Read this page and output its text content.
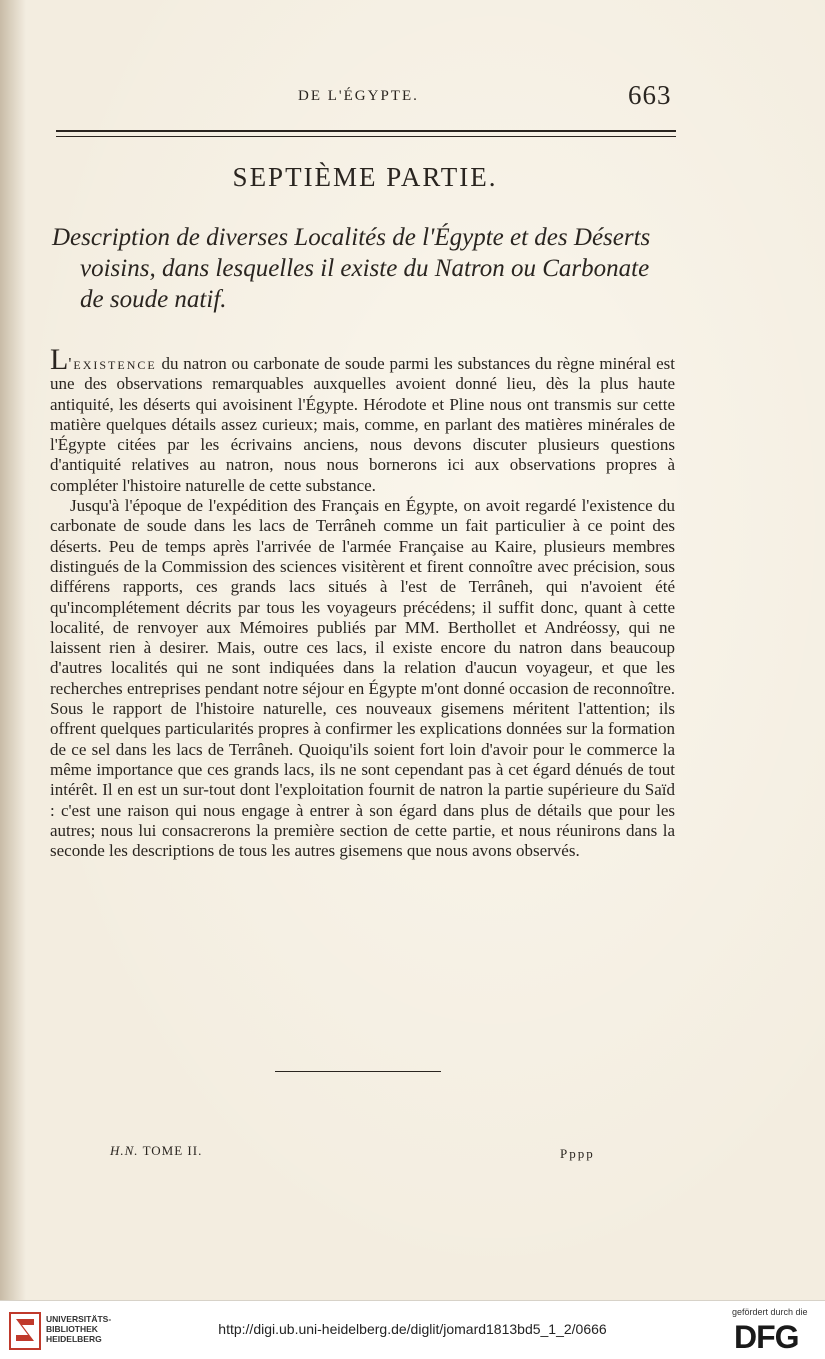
DE L'ÉGYPTE.	663
SEPTIÈME PARTIE.
Description de diverses Localités de l'Égypte et des Déserts
voisins, dans lesquelles il existe du Natron ou Carbonate
de soude natif.

L'existence du natron ou carbonate de soude parmi les substances du règne minéral est une des observations remarquables auxquelles avoient donné lieu, dès la plus haute antiquité, les déserts qui avoisinent l'Égypte. Hérodote et Pline nous ont transmis sur cette matière quelques détails assez curieux; mais, comme, en parlant des matières minérales de l'Égypte citées par les écrivains anciens, nous devons discuter plusieurs questions d'antiquité relatives au natron, nous nous bornerons ici aux observations propres à compléter l'histoire naturelle de cette substance.

Jusqu'à l'époque de l'expédition des Français en Égypte, on avoit regardé l'existence du carbonate de soude dans les lacs de Terrâneh comme un fait particulier à ce point des déserts. Peu de temps après l'arrivée de l'armée Française au Kaire, plusieurs membres distingués de la Commission des sciences visitèrent et firent connoître avec précision, sous différens rapports, ces grands lacs situés à l'est de Terrâneh, qui n'avoient été qu'incomplétement décrits par tous les voyageurs précédens; il suffit donc, quant à cette localité, de renvoyer aux Mémoires publiés par MM. Berthollet et Andréossy, qui ne laissent rien à desirer. Mais, outre ces lacs, il existe encore du natron dans beaucoup d'autres localités qui ne sont indiquées dans la relation d'aucun voyageur, et que les recherches entreprises pendant notre séjour en Égypte m'ont donné occasion de reconnoître. Sous le rapport de l'histoire naturelle, ces nouveaux gisemens méritent l'attention; ils offrent quelques particularités propres à confirmer les explications données sur la formation de ce sel dans les lacs de Terrâneh. Quoiqu'ils soient fort loin d'avoir pour le commerce la même importance que ces grands lacs, ils ne sont cependant pas à cet égard dénués de tout intérêt. Il en est un sur-tout dont l'exploitation fournit de natron la partie supérieure du Saïd : c'est une raison qui nous engage à entrer à son égard dans plus de détails que pour les autres; nous lui consacrerons la première section de cette partie, et nous réunirons dans la seconde les descriptions de tous les autres gisemens que nous avons observés.

H.N. TOME II.	Pppp
UNIVERSITÄTS-
BIBLIOTHEK
HEIDELBERG
http://digi.ub.uni-heidelberg.de/diglit/jomard1813bd5_1_2/0666
gefördert durch die
DFG
